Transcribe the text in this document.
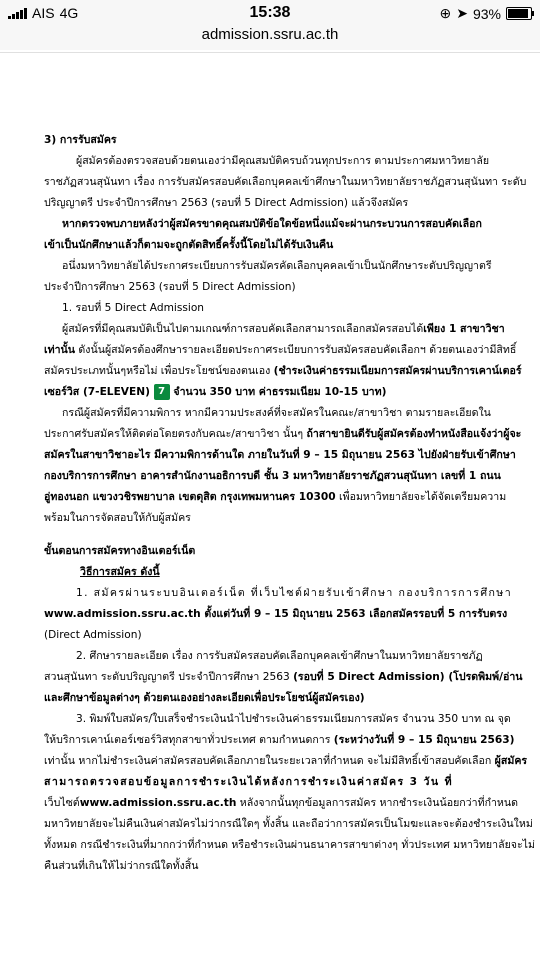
AIS 4G	15:38	⊕ ➤ 93%
admission.ssru.ac.th

3) การรับสมัคร

ผู้สมัครต้องตรวจสอบด้วยตนเองว่ามีคุณสมบัติครบถ้วนทุกประการ ตามประกาศมหาวิทยาลัย

ราชภัฏสวนสุนันทา เรื่อง การรับสมัครสอบคัดเลือกบุคคลเข้าศึกษาในมหาวิทยาลัยราชภัฏสวนสุนันทา ระดับ

ปริญญาตรี ประจำปีการศึกษา 2563 (รอบที่ 5 Direct Admission) แล้วจึงสมัคร

หากตรวจพบภายหลังว่าผู้สมัครขาดคุณสมบัติข้อใดข้อหนึ่งแม้จะผ่านกระบวนการสอบคัดเลือก

เข้าเป็นนักศึกษาแล้วก็ตามจะถูกตัดสิทธิ์ครั้งนี้โดยไม่ได้รับเงินคืน

อนึ่งมหาวิทยาลัยได้ประกาศระเบียบการรับสมัครคัดเลือกบุคคลเข้าเป็นนักศึกษาระดับปริญญาตรี

ประจำปีการศึกษา 2563 (รอบที่ 5 Direct Admission)

1. รอบที่ 5 Direct Admission

ผู้สมัครที่มีคุณสมบัติเป็นไปตามเกณฑ์การสอบคัดเลือกสามารถเลือกสมัครสอบได้เพียง 1 สาขาวิชา

เท่านั้น ดังนั้นผู้สมัครต้องศึกษารายละเอียดประกาศระเบียบการรับสมัครสอบคัดเลือกฯ ด้วยตนเองว่ามีสิทธิ์

สมัครประเภทนั้นๆหรือไม่ เพื่อประโยชน์ของตนเอง (ชำระเงินค่าธรรมเนียมการสมัครผ่านบริการเคาน์เตอร์

เซอร์วิส (7-ELEVEN) 7 จำนวน 350 บาท ค่าธรรมเนียม 10-15 บาท)

กรณีผู้สมัครที่มีความพิการ หากมีความประสงค์ที่จะสมัครในคณะ/สาขาวิชา ตามรายละเอียดใน

ประกาศรับสมัครให้ติดต่อโดยตรงกับคณะ/สาขาวิชา นั้นๆ ถ้าสาขายินดีรับผู้สมัครต้องทำหนังสือแจ้งว่าผู้จะ

สมัครในสาขาวิชาอะไร มีความพิการด้านใด ภายในวันที่ 9 – 15 มิถุนายน 2563 ไปยังฝ่ายรับเข้าศึกษา

กองบริการการศึกษา อาคารสำนักงานอธิการบดี ชั้น 3 มหาวิทยาลัยราชภัฏสวนสุนันทา เลขที่ 1 ถนน

อู่ทองนอก แขวงวชิรพยาบาล เขตดุสิต กรุงเทพมหานคร 10300 เพื่อมหาวิทยาลัยจะได้จัดเตรียมความ

พร้อมในการจัดสอบให้กับผู้สมัคร

ขั้นตอนการสมัครทางอินเตอร์เน็ต

วิธีการสมัคร ดังนี้

1. สมัครผ่านระบบอินเตอร์เน็ต ที่เว็บไซต์ฝ่ายรับเข้าศึกษา กองบริการการศึกษา

www.admission.ssru.ac.th ตั้งแต่วันที่ 9 – 15 มิถุนายน 2563 เลือกสมัครรอบที่ 5 การรับตรง

(Direct Admission)

2. ศึกษารายละเอียด เรื่อง การรับสมัครสอบคัดเลือกบุคคลเข้าศึกษาในมหาวิทยาลัยราชภัฏ

สวนสุนันทา ระดับปริญญาตรี ประจำปีการศึกษา 2563 (รอบที่ 5 Direct Admission) (โปรดพิมพ์/อ่าน

และศึกษาข้อมูลต่างๆ ด้วยตนเองอย่างละเอียดเพื่อประโยชน์ผู้สมัครเอง)

3. พิมพ์ใบสมัคร/ใบเสร็จชำระเงินนำไปชำระเงินค่าธรรมเนียมการสมัคร จำนวน 350 บาท ณ จุด

ให้บริการเคาน์เตอร์เซอร์วิสทุกสาขาทั่วประเทศ ตามกำหนดการ (ระหว่างวันที่ 9 – 15 มิถุนายน 2563)

เท่านั้น หากไม่ชำระเงินค่าสมัครสอบคัดเลือกภายในระยะเวลาที่กำหนด จะไม่มีสิทธิ์เข้าสอบคัดเลือก ผู้สมัคร

สามารถตรวจสอบข้อมูลการชำระเงินได้หลังการชำระเงินค่าสมัคร 3 วัน ที่

เว็บไซต์www.admission.ssru.ac.th หลังจากนั้นทุกข้อมูลการสมัคร หากชำระเงินน้อยกว่าที่กำหนด

มหาวิทยาลัยจะไม่คืนเงินค่าสมัครไม่ว่ากรณีใดๆ ทั้งสิ้น และถือว่าการสมัครเป็นโมฆะและจะต้องชำระเงินใหม่

ทั้งหมด กรณีชำระเงินที่มากกว่าที่กำหนด หรือชำระเงินผ่านธนาคารสาขาต่างๆ ทั่วประเทศ มหาวิทยาลัยจะไม่

คืนส่วนที่เกินให้ไม่ว่ากรณีใดทั้งสิ้น
